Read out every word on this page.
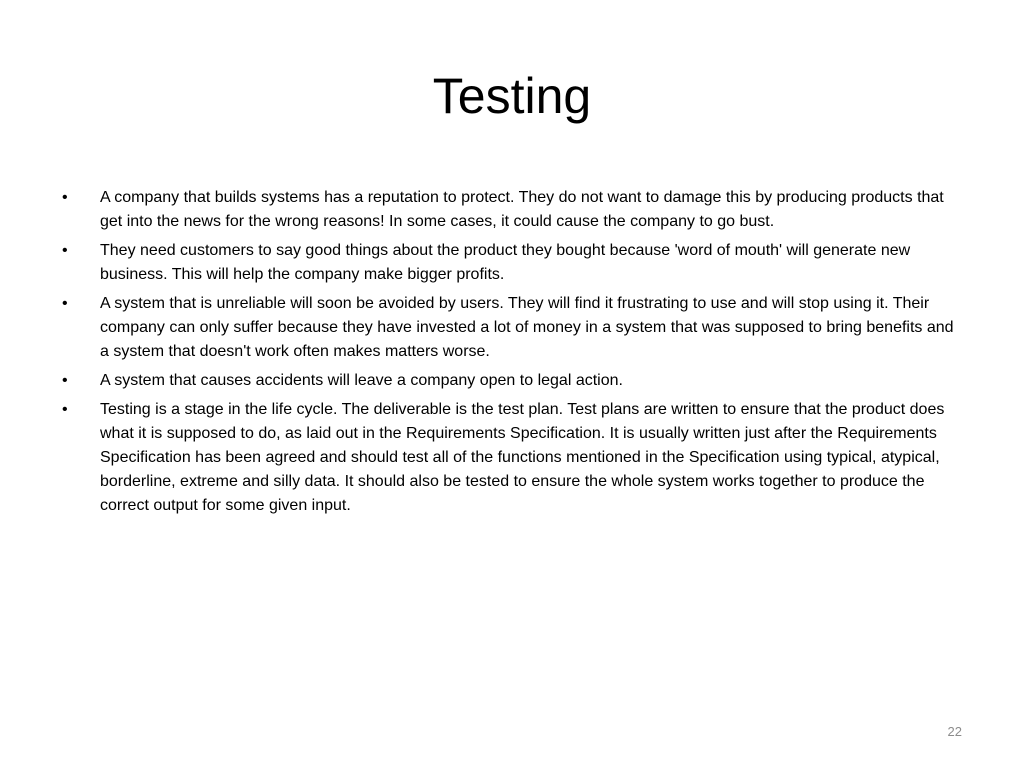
Testing
•	A company that builds systems has a reputation to protect. They do not want to damage this by producing products that get into the news for the wrong reasons! In some cases, it could cause the company to go bust.
•	They need customers to say good things about the product they bought because 'word of mouth' will generate new business. This will help the company make bigger profits.
•	A system that is unreliable will soon be avoided by users. They will find it frustrating to use and will stop using it. Their company can only suffer because they have invested a lot of money in a system that was supposed to bring benefits and a system that doesn't work often makes matters worse.
•	A system that causes accidents will leave a company open to legal action.
•	Testing is a stage in the life cycle. The deliverable is the test plan. Test plans are written to ensure that the product does what it is supposed to do, as laid out in the Requirements Specification. It is usually written just after the Requirements Specification has been agreed and should test all of the functions mentioned in the Specification using typical, atypical, borderline, extreme and silly data. It should also be tested to ensure the whole system works together to produce the correct output for some given input.
22
